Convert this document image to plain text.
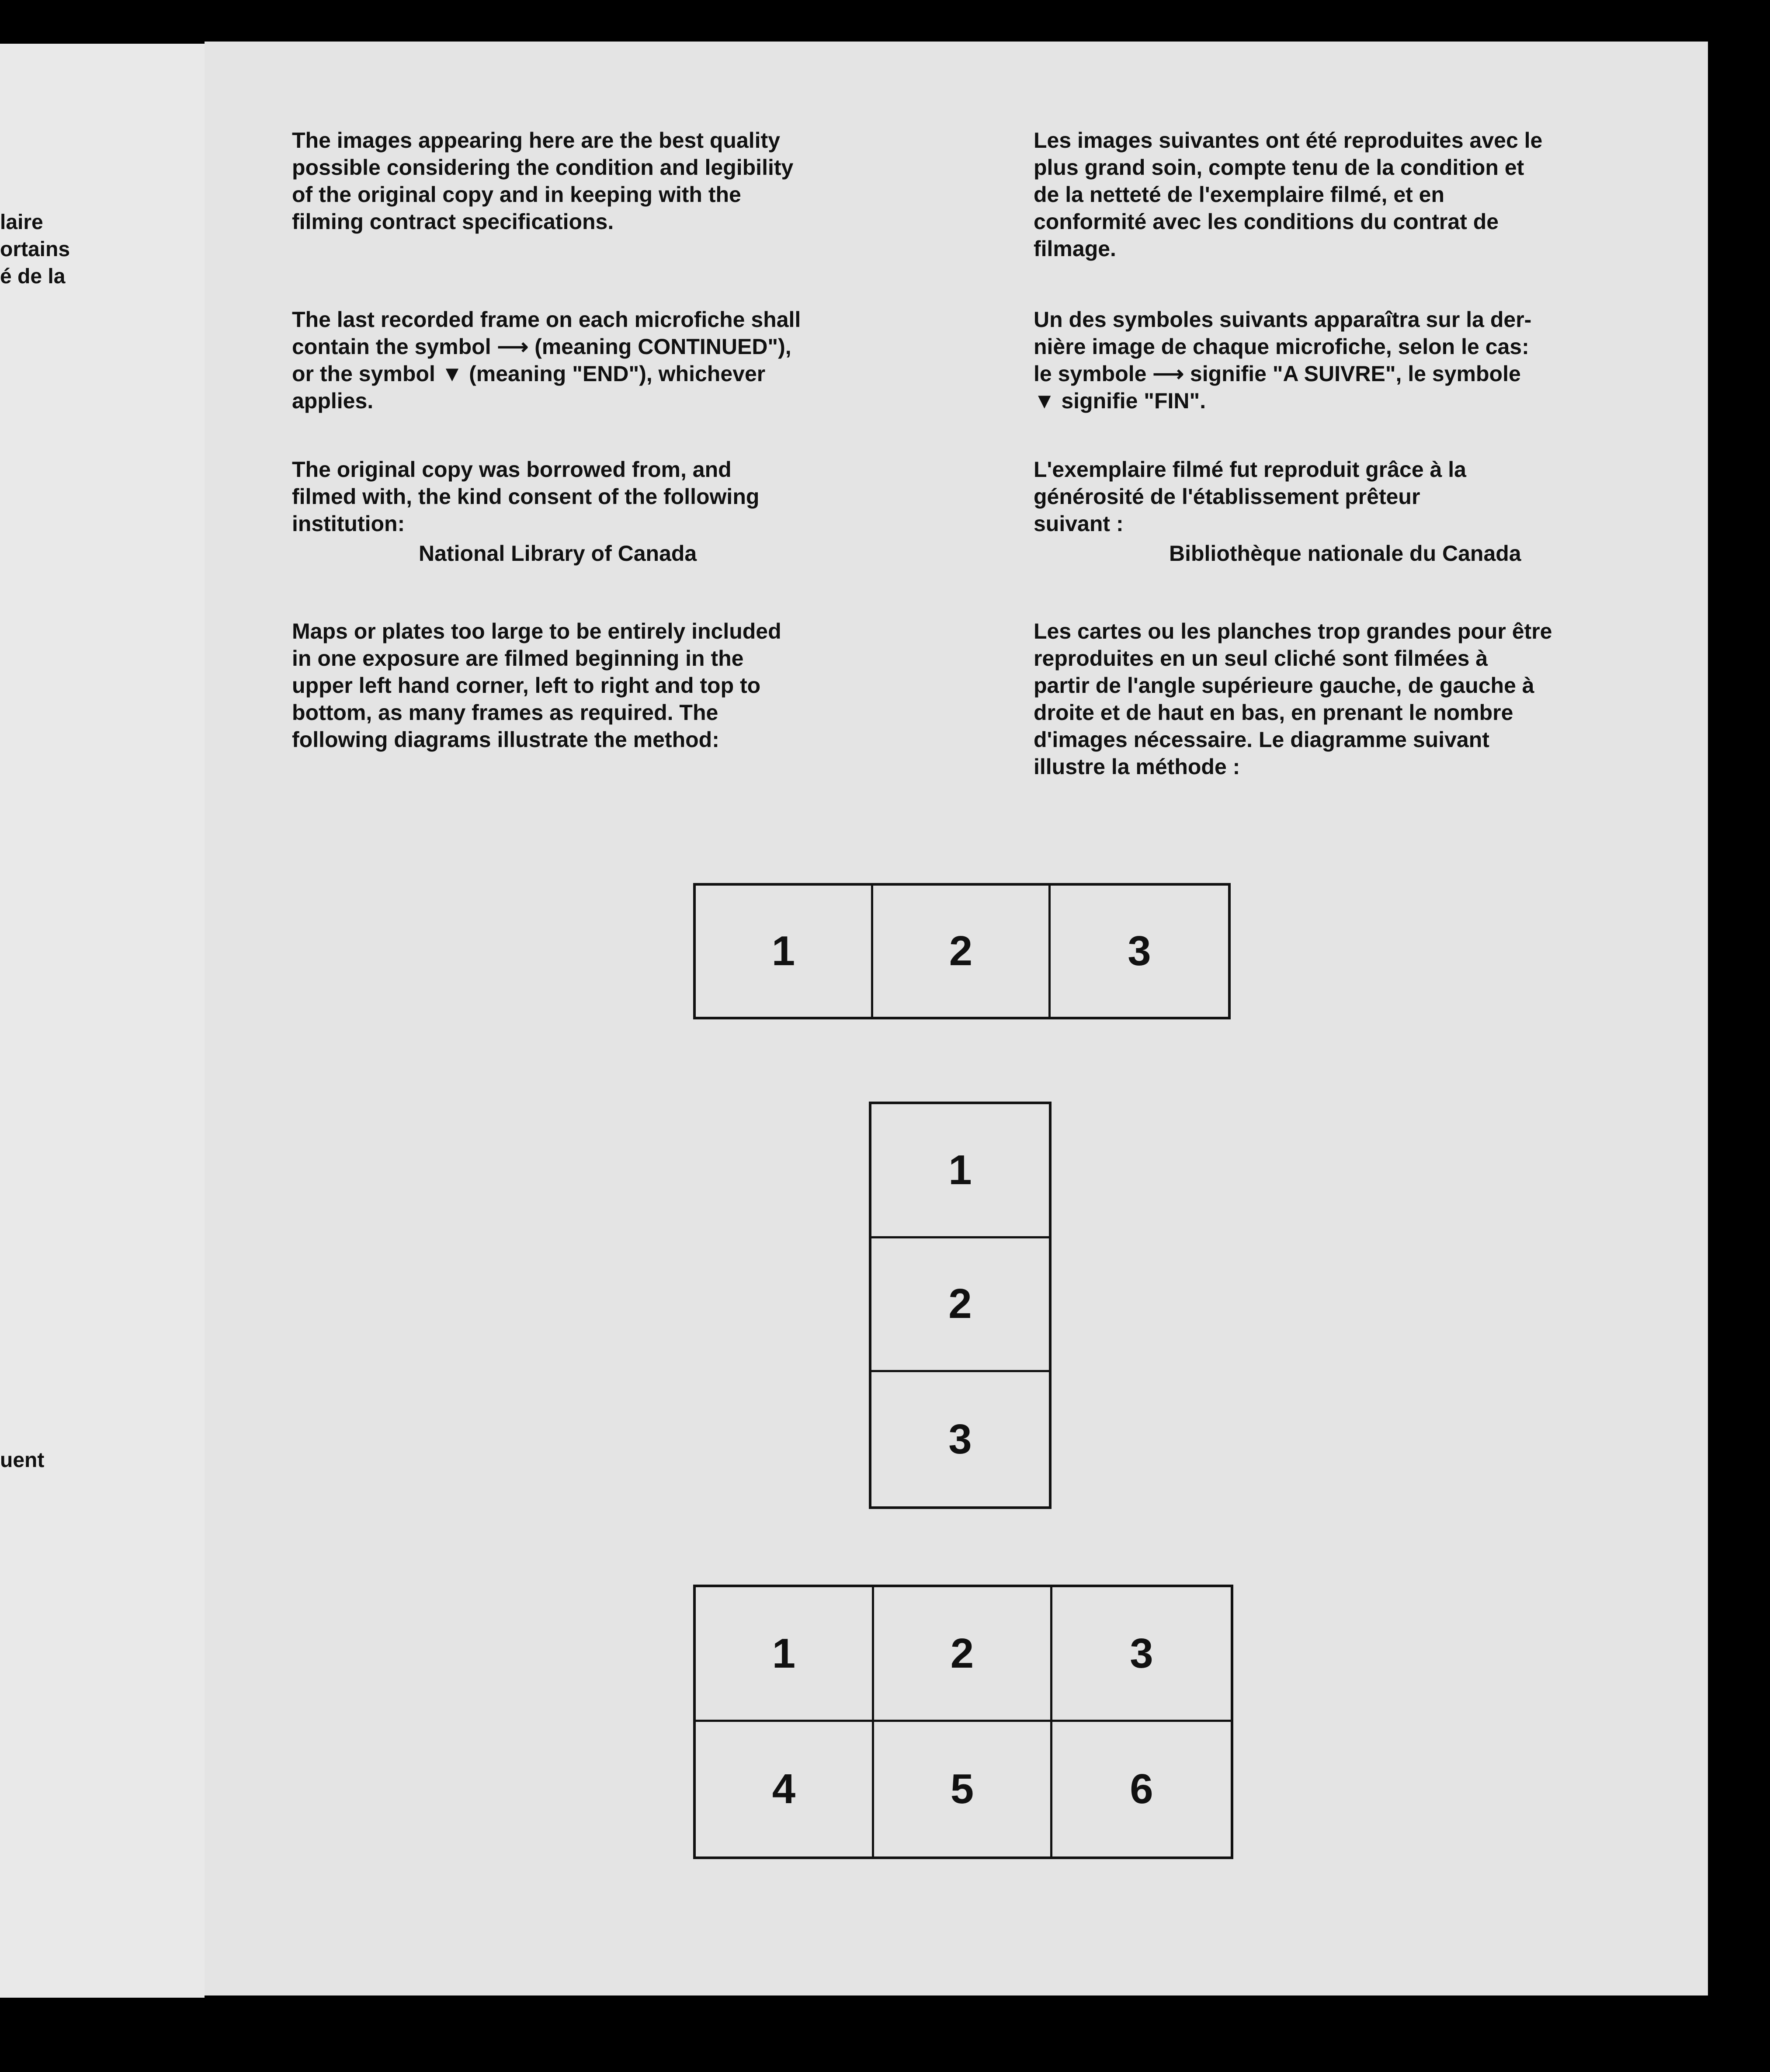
laire
ortains
é de la
uent

The images appearing here are the best quality
possible considering the condition and legibility
of the original copy and in keeping with the
filming contract specifications.

The last recorded frame on each microfiche shall
contain the symbol ⟶ (meaning CONTINUED"),
or the symbol ▼ (meaning "END"), whichever
applies.

The original copy was borrowed from, and
filmed with, the kind consent of the following
institution:

National Library of Canada

Maps or plates too large to be entirely included
in one exposure are filmed beginning in the
upper left hand corner, left to right and top to
bottom, as many frames as required. The
following diagrams illustrate the method:

Les images suivantes ont été reproduites avec le
plus grand soin, compte tenu de la condition et
de la netteté de l'exemplaire filmé, et en
conformité avec les conditions du contrat de
filmage.

Un des symboles suivants apparaîtra sur la der-
nière image de chaque microfiche, selon le cas:
le symbole ⟶ signifie "A SUIVRE", le symbole
▼ signifie "FIN".

L'exemplaire filmé fut reproduit grâce à la
générosité de l'établissement prêteur
suivant :

Bibliothèque nationale du Canada

Les cartes ou les planches trop grandes pour être
reproduites en un seul cliché sont filmées à
partir de l'angle supérieure gauche, de gauche à
droite et de haut en bas, en prenant le nombre
d'images nécessaire. Le diagramme suivant
illustre la méthode :

1	2	3
1
2
3
1	2	3
4	5	6
